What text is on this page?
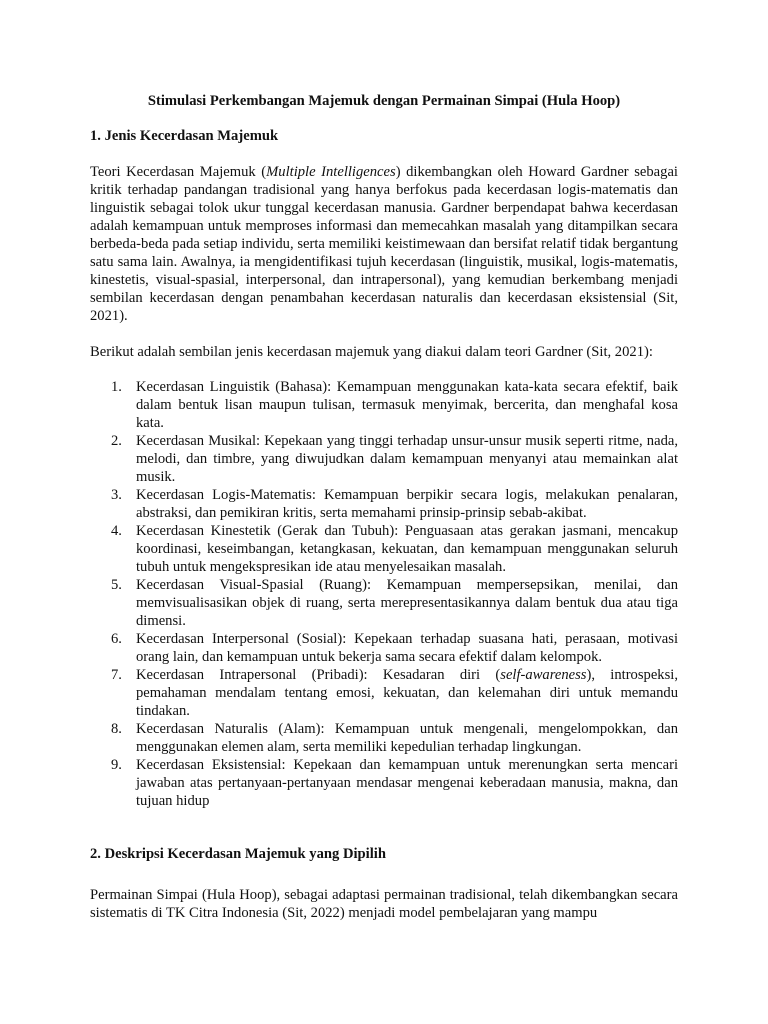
Stimulasi Perkembangan Majemuk dengan Permainan Simpai (Hula Hoop)
1. Jenis Kecerdasan Majemuk

Teori Kecerdasan Majemuk (Multiple Intelligences) dikembangkan oleh Howard Gardner sebagai kritik terhadap pandangan tradisional yang hanya berfokus pada kecerdasan logis-matematis dan linguistik sebagai tolok ukur tunggal kecerdasan manusia. Gardner berpendapat bahwa kecerdasan adalah kemampuan untuk memproses informasi dan memecahkan masalah yang ditampilkan secara berbeda-beda pada setiap individu, serta memiliki keistimewaan dan bersifat relatif tidak bergantung satu sama lain. Awalnya, ia mengidentifikasi tujuh kecerdasan (linguistik, musikal, logis-matematis, kinestetis, visual-spasial, interpersonal, dan intrapersonal), yang kemudian berkembang menjadi sembilan kecerdasan dengan penambahan kecerdasan naturalis dan kecerdasan eksistensial (Sit, 2021).

Berikut adalah sembilan jenis kecerdasan majemuk yang diakui dalam teori Gardner (Sit, 2021):

1. Kecerdasan Linguistik (Bahasa): Kemampuan menggunakan kata-kata secara efektif, baik dalam bentuk lisan maupun tulisan, termasuk menyimak, bercerita, dan menghafal kosa kata.
2. Kecerdasan Musikal: Kepekaan yang tinggi terhadap unsur-unsur musik seperti ritme, nada, melodi, dan timbre, yang diwujudkan dalam kemampuan menyanyi atau memainkan alat musik.
3. Kecerdasan Logis-Matematis: Kemampuan berpikir secara logis, melakukan penalaran, abstraksi, dan pemikiran kritis, serta memahami prinsip-prinsip sebab-akibat.
4. Kecerdasan Kinestetik (Gerak dan Tubuh): Penguasaan atas gerakan jasmani, mencakup koordinasi, keseimbangan, ketangkasan, kekuatan, dan kemampuan menggunakan seluruh tubuh untuk mengekspresikan ide atau menyelesaikan masalah.
5. Kecerdasan Visual-Spasial (Ruang): Kemampuan mempersepsikan, menilai, dan memvisualisasikan objek di ruang, serta merepresentasikannya dalam bentuk dua atau tiga dimensi.
6. Kecerdasan Interpersonal (Sosial): Kepekaan terhadap suasana hati, perasaan, motivasi orang lain, dan kemampuan untuk bekerja sama secara efektif dalam kelompok.
7. Kecerdasan Intrapersonal (Pribadi): Kesadaran diri (self-awareness), introspeksi, pemahaman mendalam tentang emosi, kekuatan, dan kelemahan diri untuk memandu tindakan.
8. Kecerdasan Naturalis (Alam): Kemampuan untuk mengenali, mengelompokkan, dan menggunakan elemen alam, serta memiliki kepedulian terhadap lingkungan.
9. Kecerdasan Eksistensial: Kepekaan dan kemampuan untuk merenungkan serta mencari jawaban atas pertanyaan-pertanyaan mendasar mengenai keberadaan manusia, makna, dan tujuan hidup
2. Deskripsi Kecerdasan Majemuk yang Dipilih

Permainan Simpai (Hula Hoop), sebagai adaptasi permainan tradisional, telah dikembangkan secara sistematis di TK Citra Indonesia (Sit, 2022) menjadi model pembelajaran yang mampu
